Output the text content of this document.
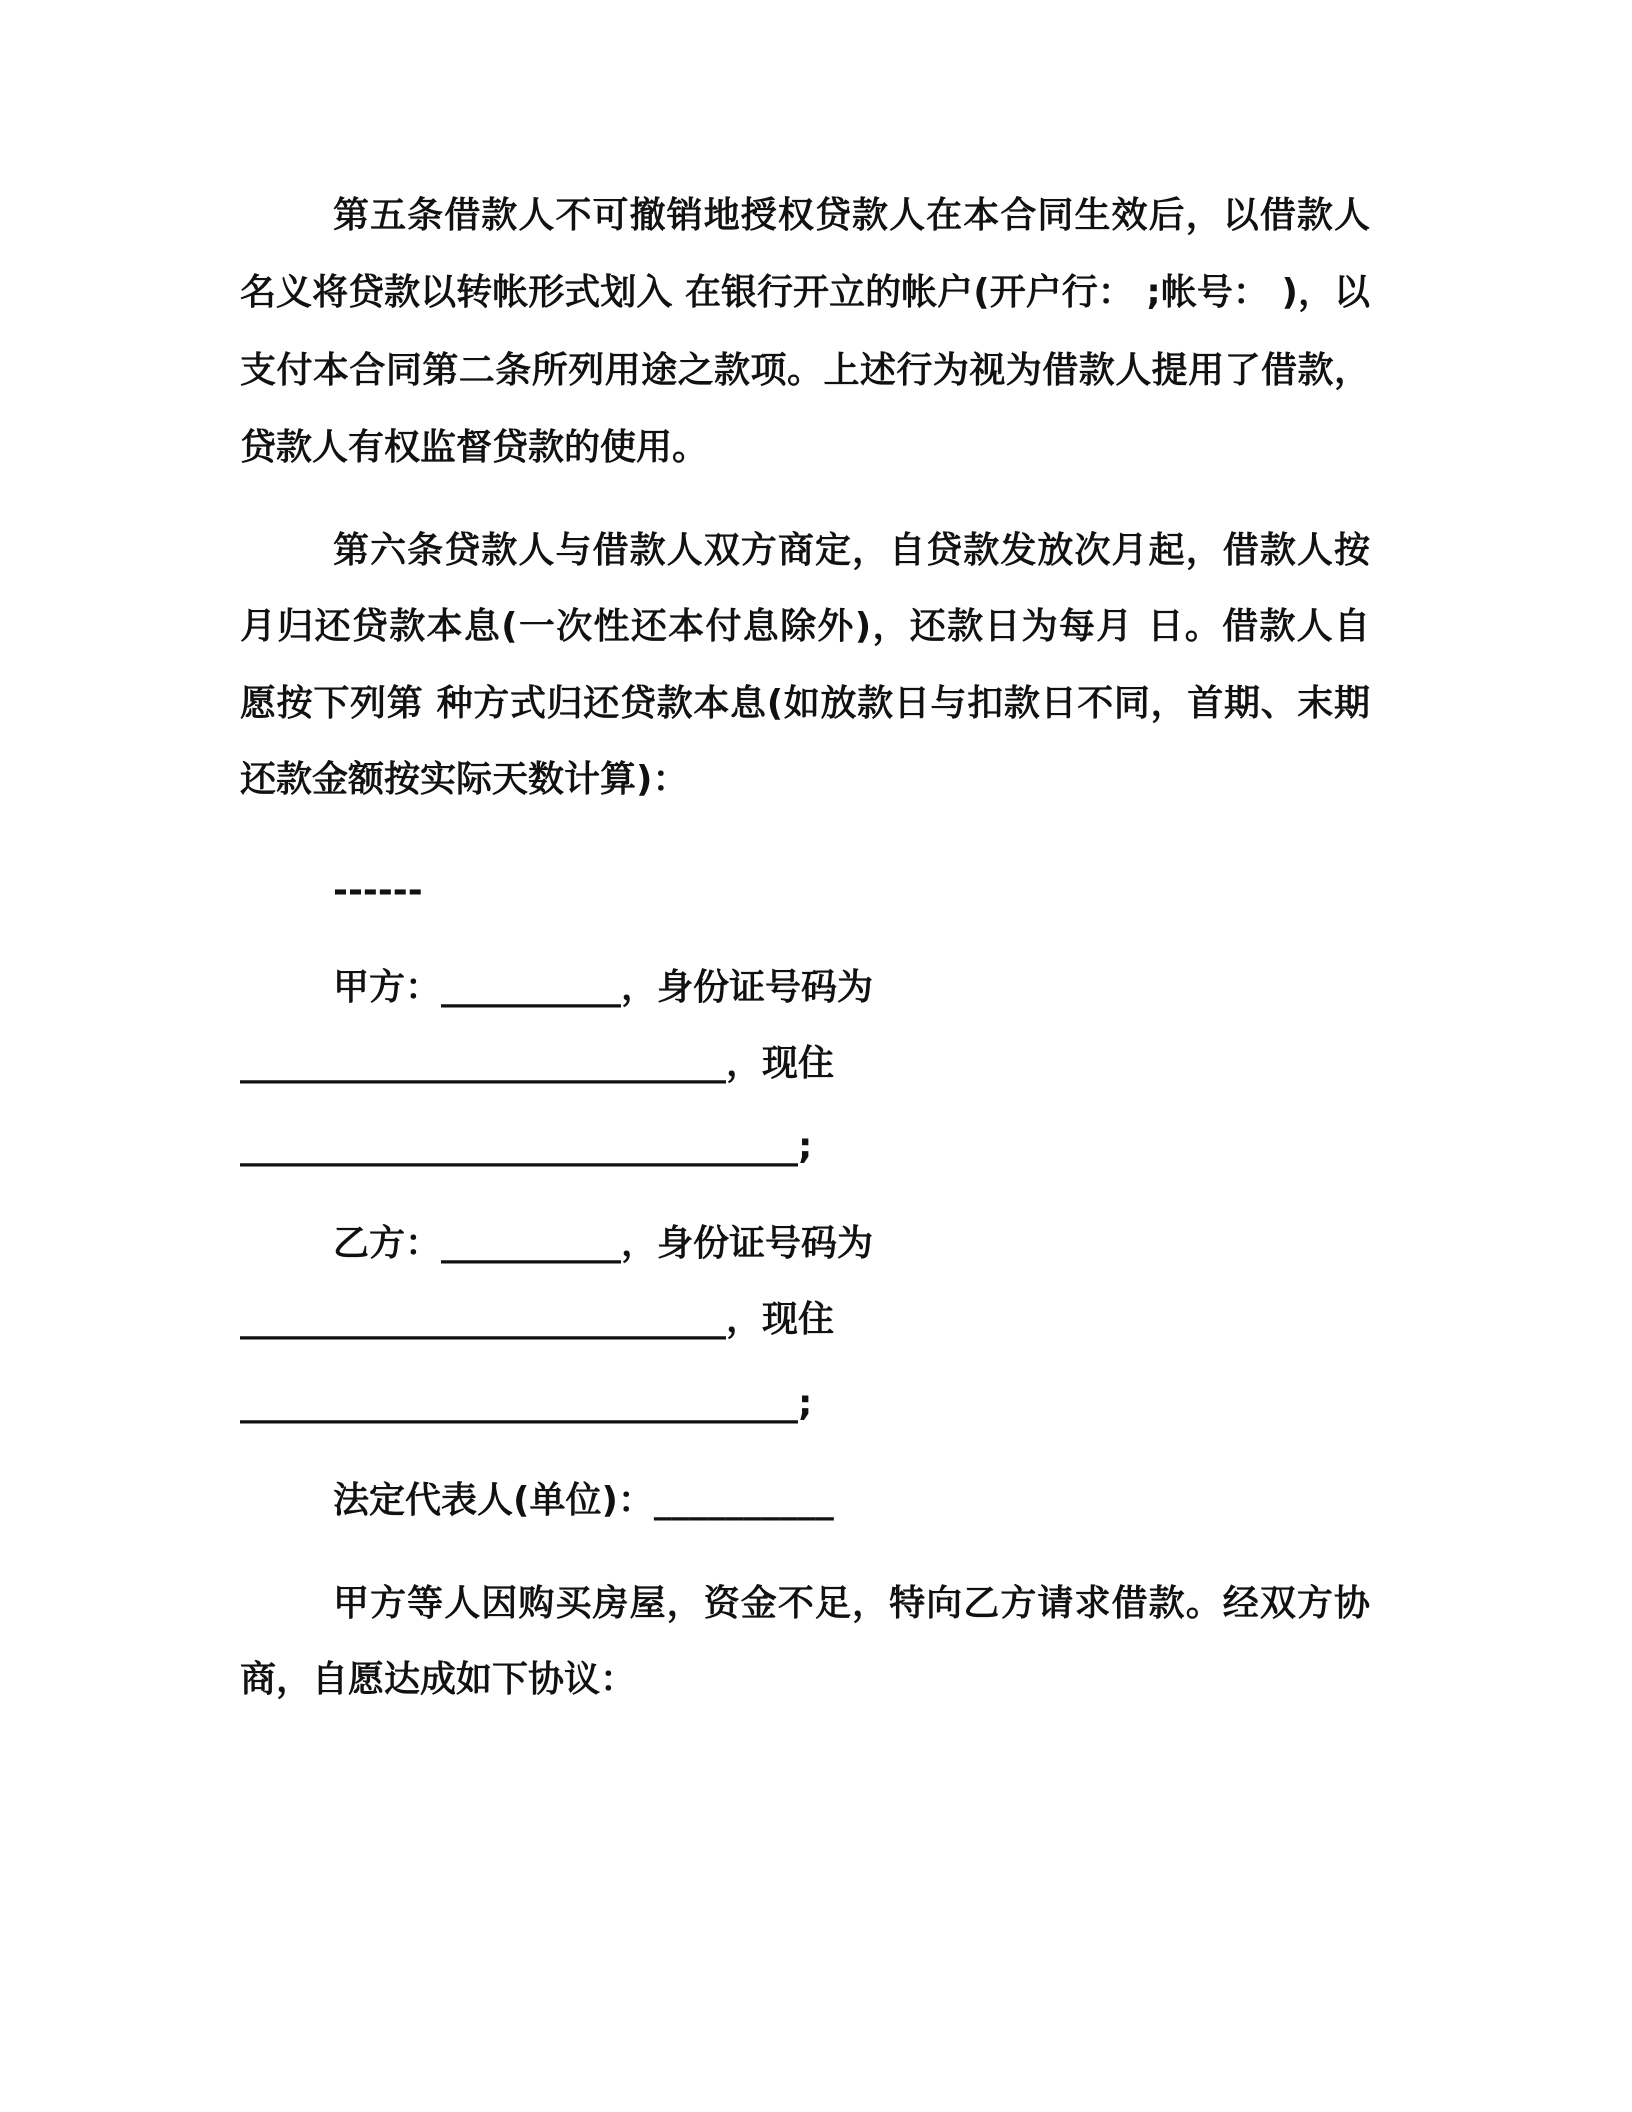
第五条借款人不可撤销地授权贷款人在本合同生效后，以借款人
名义将贷款以转帐形式划入 在银行开立的帐户(开户行： ;帐号： )，以
支付本合同第二条所列用途之款项。上述行为视为借款人提用了借款，
贷款人有权监督贷款的使用。
第六条贷款人与借款人双方商定，自贷款发放次月起，借款人按
月归还贷款本息(一次性还本付息除外)，还款日为每月 日。借款人自
愿按下列第 种方式归还贷款本息(如放款日与扣款日不同，首期、末期
还款金额按实际天数计算)：
------
甲方：__________，身份证号码为
___________________________，现住
_______________________________;
乙方：__________，身份证号码为
___________________________，现住
_______________________________;
法定代表人(单位)：__________
甲方等人因购买房屋，资金不足，特向乙方请求借款。经双方协
商，自愿达成如下协议：
